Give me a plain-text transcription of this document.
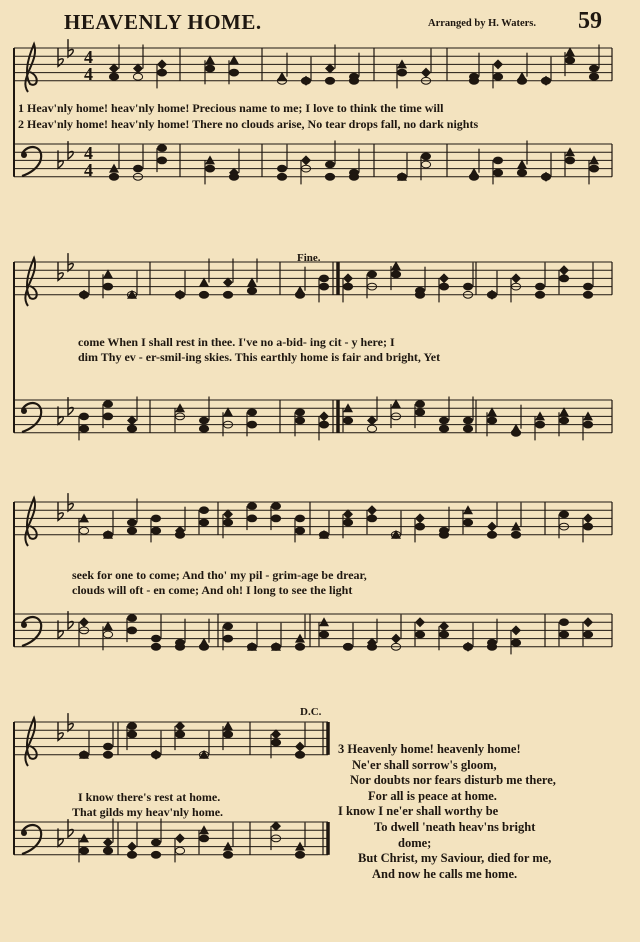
HEAVENLY HOME.	Arranged by H. Waters. 59
4
4
4
4
1 Heav'nly home! heav'nly home! Precious name to me; I love to think the time will
2 Heav'nly home! heav'nly home! There no clouds arise, No tear drops fall, no dark nights
Fine.
come When I shall rest in thee. I've no a-bid- ing cit - y here; I
dim Thy ev - er-smil-ing skies. This earthly home is fair and bright, Yet
seek for one to come; And tho' my pil - grim-age be drear,
clouds will oft - en come; And oh! I long to see the light
D.C.
I know there's rest at home.
That gilds my heav'nly home.
3 Heavenly home! heavenly home!
Ne'er shall sorrow's gloom,
Nor doubts nor fears disturb me there,
For all is peace at home.
I know I ne'er shall worthy be
To dwell 'neath heav'ns bright
dome;
But Christ, my Saviour, died for me,
And now he calls me home.
